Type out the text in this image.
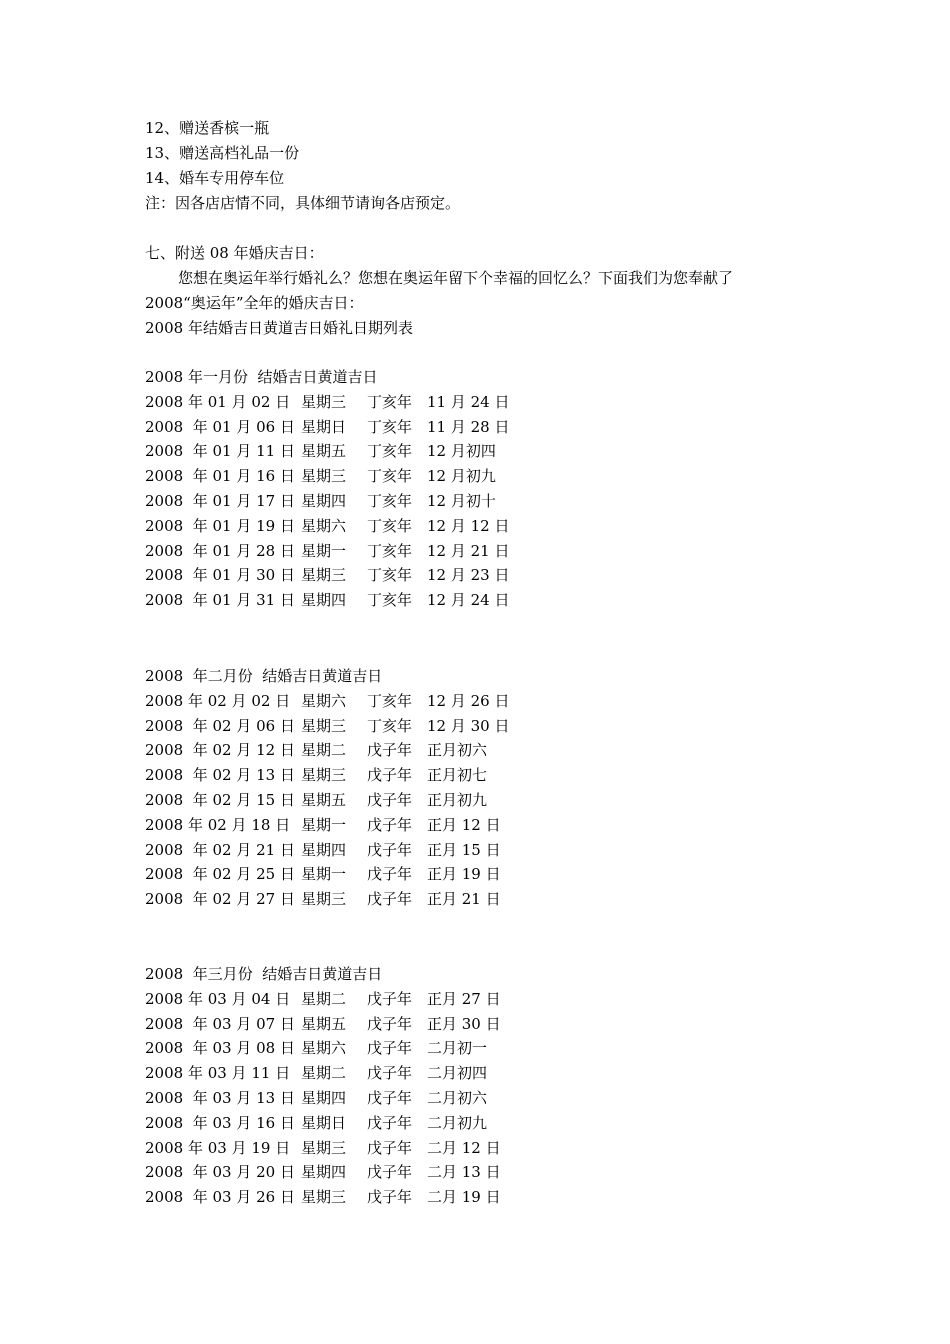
12、赠送香槟一瓶
13、赠送高档礼品一份
14、婚车专用停车位
注：因各店店情不同，具体细节请询各店预定。
七、附送 08 年婚庆吉日：
您想在奥运年举行婚礼么？您想在奥运年留下个幸福的回忆么？下面我们为您奉献了
2008“奥运年”全年的婚庆吉日：
2008 年结婚吉日黄道吉日婚礼日期列表
2008 年一月份  结婚吉日黄道吉日
2008 年 01 月 02 日 星期三 丁亥年 11 月 24 日
2008  年 01 月 06 日 星期日 丁亥年 11 月 28 日
2008  年 01 月 11 日 星期五 丁亥年 12 月初四
2008  年 01 月 16 日 星期三 丁亥年 12 月初九
2008  年 01 月 17 日 星期四 丁亥年 12 月初十
2008  年 01 月 19 日 星期六 丁亥年 12 月 12 日
2008  年 01 月 28 日 星期一 丁亥年 12 月 21 日
2008  年 01 月 30 日 星期三 丁亥年 12 月 23 日
2008  年 01 月 31 日 星期四 丁亥年 12 月 24 日
2008  年二月份  结婚吉日黄道吉日
2008 年 02 月 02 日 星期六 丁亥年 12 月 26 日
2008  年 02 月 06 日 星期三 丁亥年 12 月 30 日
2008  年 02 月 12 日 星期二 戊子年 正月初六
2008  年 02 月 13 日 星期三 戊子年 正月初七
2008  年 02 月 15 日 星期五 戊子年 正月初九
2008 年 02 月 18 日 星期一 戊子年 正月 12 日
2008  年 02 月 21 日 星期四 戊子年 正月 15 日
2008  年 02 月 25 日 星期一 戊子年 正月 19 日
2008  年 02 月 27 日 星期三 戊子年 正月 21 日
2008  年三月份  结婚吉日黄道吉日
2008 年 03 月 04 日 星期二 戊子年 正月 27 日
2008  年 03 月 07 日 星期五 戊子年 正月 30 日
2008  年 03 月 08 日 星期六 戊子年 二月初一
2008 年 03 月 11 日 星期二 戊子年 二月初四
2008  年 03 月 13 日 星期四 戊子年 二月初六
2008  年 03 月 16 日 星期日 戊子年 二月初九
2008 年 03 月 19 日 星期三 戊子年 二月 12 日
2008  年 03 月 20 日 星期四 戊子年 二月 13 日
2008  年 03 月 26 日 星期三 戊子年 二月 19 日
